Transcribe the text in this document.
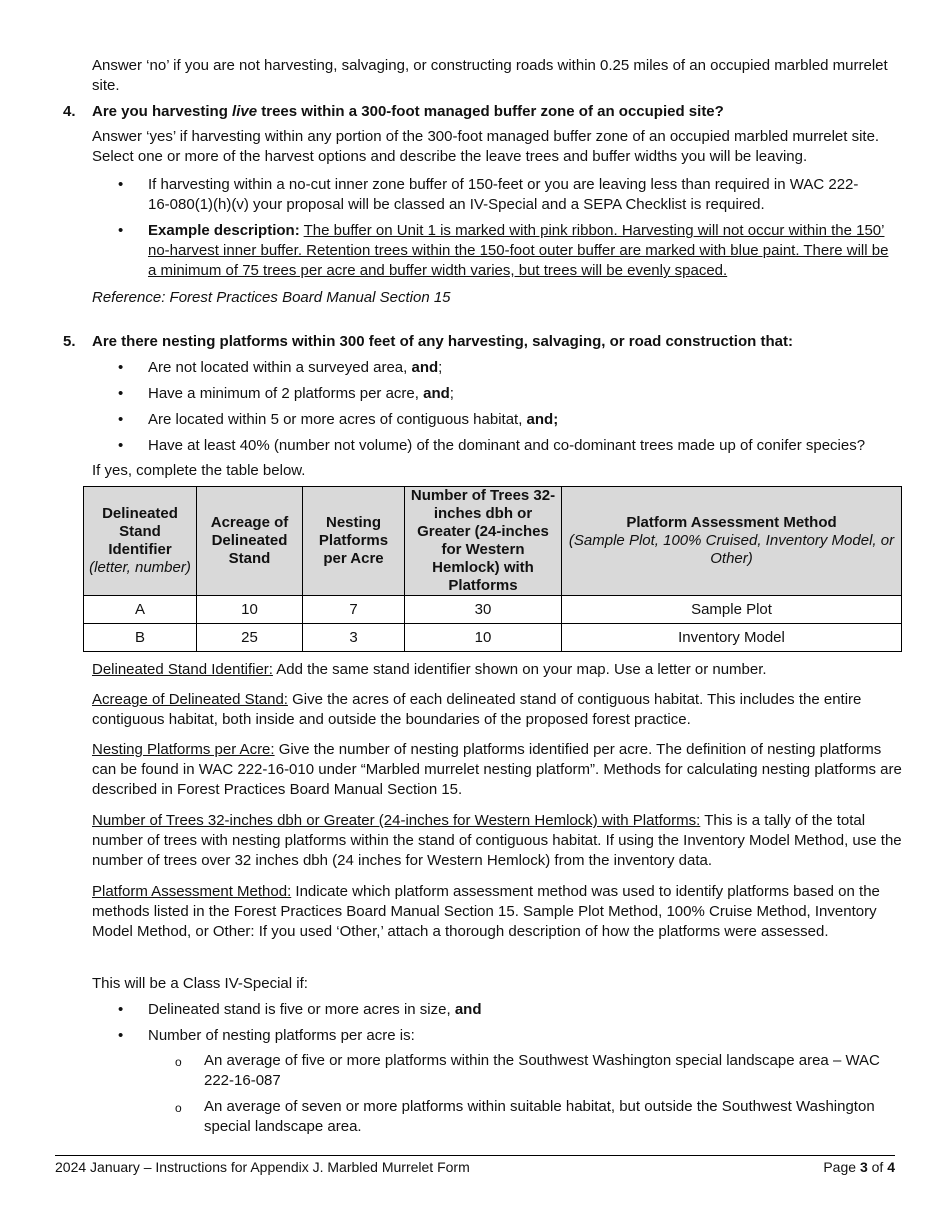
Answer ‘no’ if you are not harvesting, salvaging, or constructing roads within 0.25 miles of an occupied marbled murrelet site.
4. Are you harvesting live trees within a 300-foot managed buffer zone of an occupied site?
Answer ‘yes’ if harvesting within any portion of the 300-foot managed buffer zone of an occupied marbled murrelet site. Select one or more of the harvest options and describe the leave trees and buffer widths you will be leaving.
• If harvesting within a no-cut inner zone buffer of 150-feet or you are leaving less than required in WAC 222-16-080(1)(h)(v) your proposal will be classed an IV-Special and a SEPA Checklist is required.
• Example description: The buffer on Unit 1 is marked with pink ribbon. Harvesting will not occur within the 150’ no-harvest inner buffer. Retention trees within the 150-foot outer buffer are marked with blue paint. There will be a minimum of 75 trees per acre and buffer width varies, but trees will be evenly spaced.
Reference: Forest Practices Board Manual Section 15
5. Are there nesting platforms within 300 feet of any harvesting, salvaging, or road construction that:
• Are not located within a surveyed area, and;
• Have a minimum of 2 platforms per acre, and;
• Are located within 5 or more acres of contiguous habitat, and;
• Have at least 40% (number not volume) of the dominant and co-dominant trees made up of conifer species?
If yes, complete the table below.
Delineated Stand Identifier
(letter, number)	Acreage of Delineated Stand	Nesting Platforms per Acre	Number of Trees 32-inches dbh or Greater (24-inches for Western Hemlock) with Platforms	Platform Assessment Method
(Sample Plot, 100% Cruised, Inventory Model, or Other)
A	10	7	30	Sample Plot
B	25	3	10	Inventory Model
Delineated Stand Identifier: Add the same stand identifier shown on your map. Use a letter or number.
Acreage of Delineated Stand: Give the acres of each delineated stand of contiguous habitat. This includes the entire contiguous habitat, both inside and outside the boundaries of the proposed forest practice.
Nesting Platforms per Acre: Give the number of nesting platforms identified per acre. The definition of nesting platforms can be found in WAC 222-16-010 under “Marbled murrelet nesting platform”. Methods for calculating nesting platforms are described in Forest Practices Board Manual Section 15.
Number of Trees 32-inches dbh or Greater (24-inches for Western Hemlock) with Platforms: This is a tally of the total number of trees with nesting platforms within the stand of contiguous habitat. If using the Inventory Model Method, use the number of trees over 32 inches dbh (24 inches for Western Hemlock) from the inventory data.
Platform Assessment Method: Indicate which platform assessment method was used to identify platforms based on the methods listed in the Forest Practices Board Manual Section 15. Sample Plot Method, 100% Cruise Method, Inventory Model Method, or Other: If you used ‘Other,’ attach a thorough description of how the platforms were assessed.
This will be a Class IV-Special if:
• Delineated stand is five or more acres in size, and
• Number of nesting platforms per acre is:
o An average of five or more platforms within the Southwest Washington special landscape area – WAC 222-16-087
o An average of seven or more platforms within suitable habitat, but outside the Southwest Washington special landscape area.
2024 January – Instructions for Appendix J. Marbled Murrelet Form	Page 3 of 4
